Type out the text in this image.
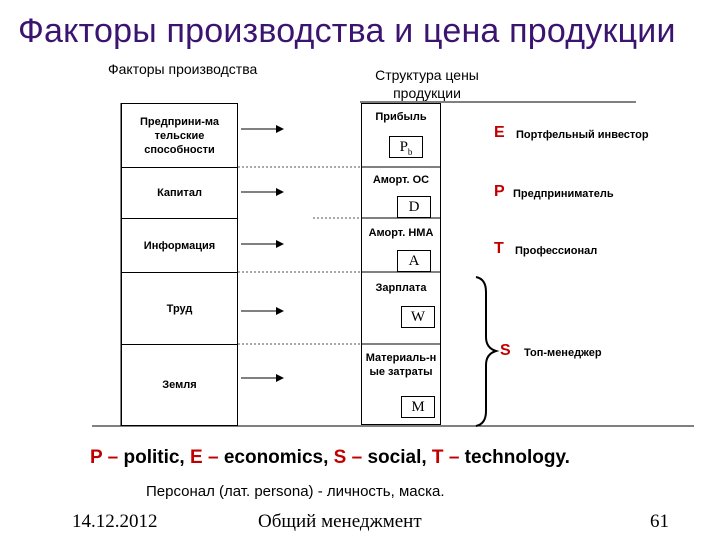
Факторы производства и цена продукции
Факторы производства	Структура цены продукции
Предприни-ма тельские способности
Капитал
Информация
Труд
Земля
Прибыль
$P_b$
Аморт. ОС
D
Аморт. НМА
A
Зарплата
W
Материаль-н ые затраты
M
E Портфельный инвестор
P Предприниматель
T Профессионал
S Топ-менеджер
P – politic, E – economics, S – social, T – technology.
Персонал (лат. persona) - личность, маска.
14.12.2012	Общий менеджмент	61
